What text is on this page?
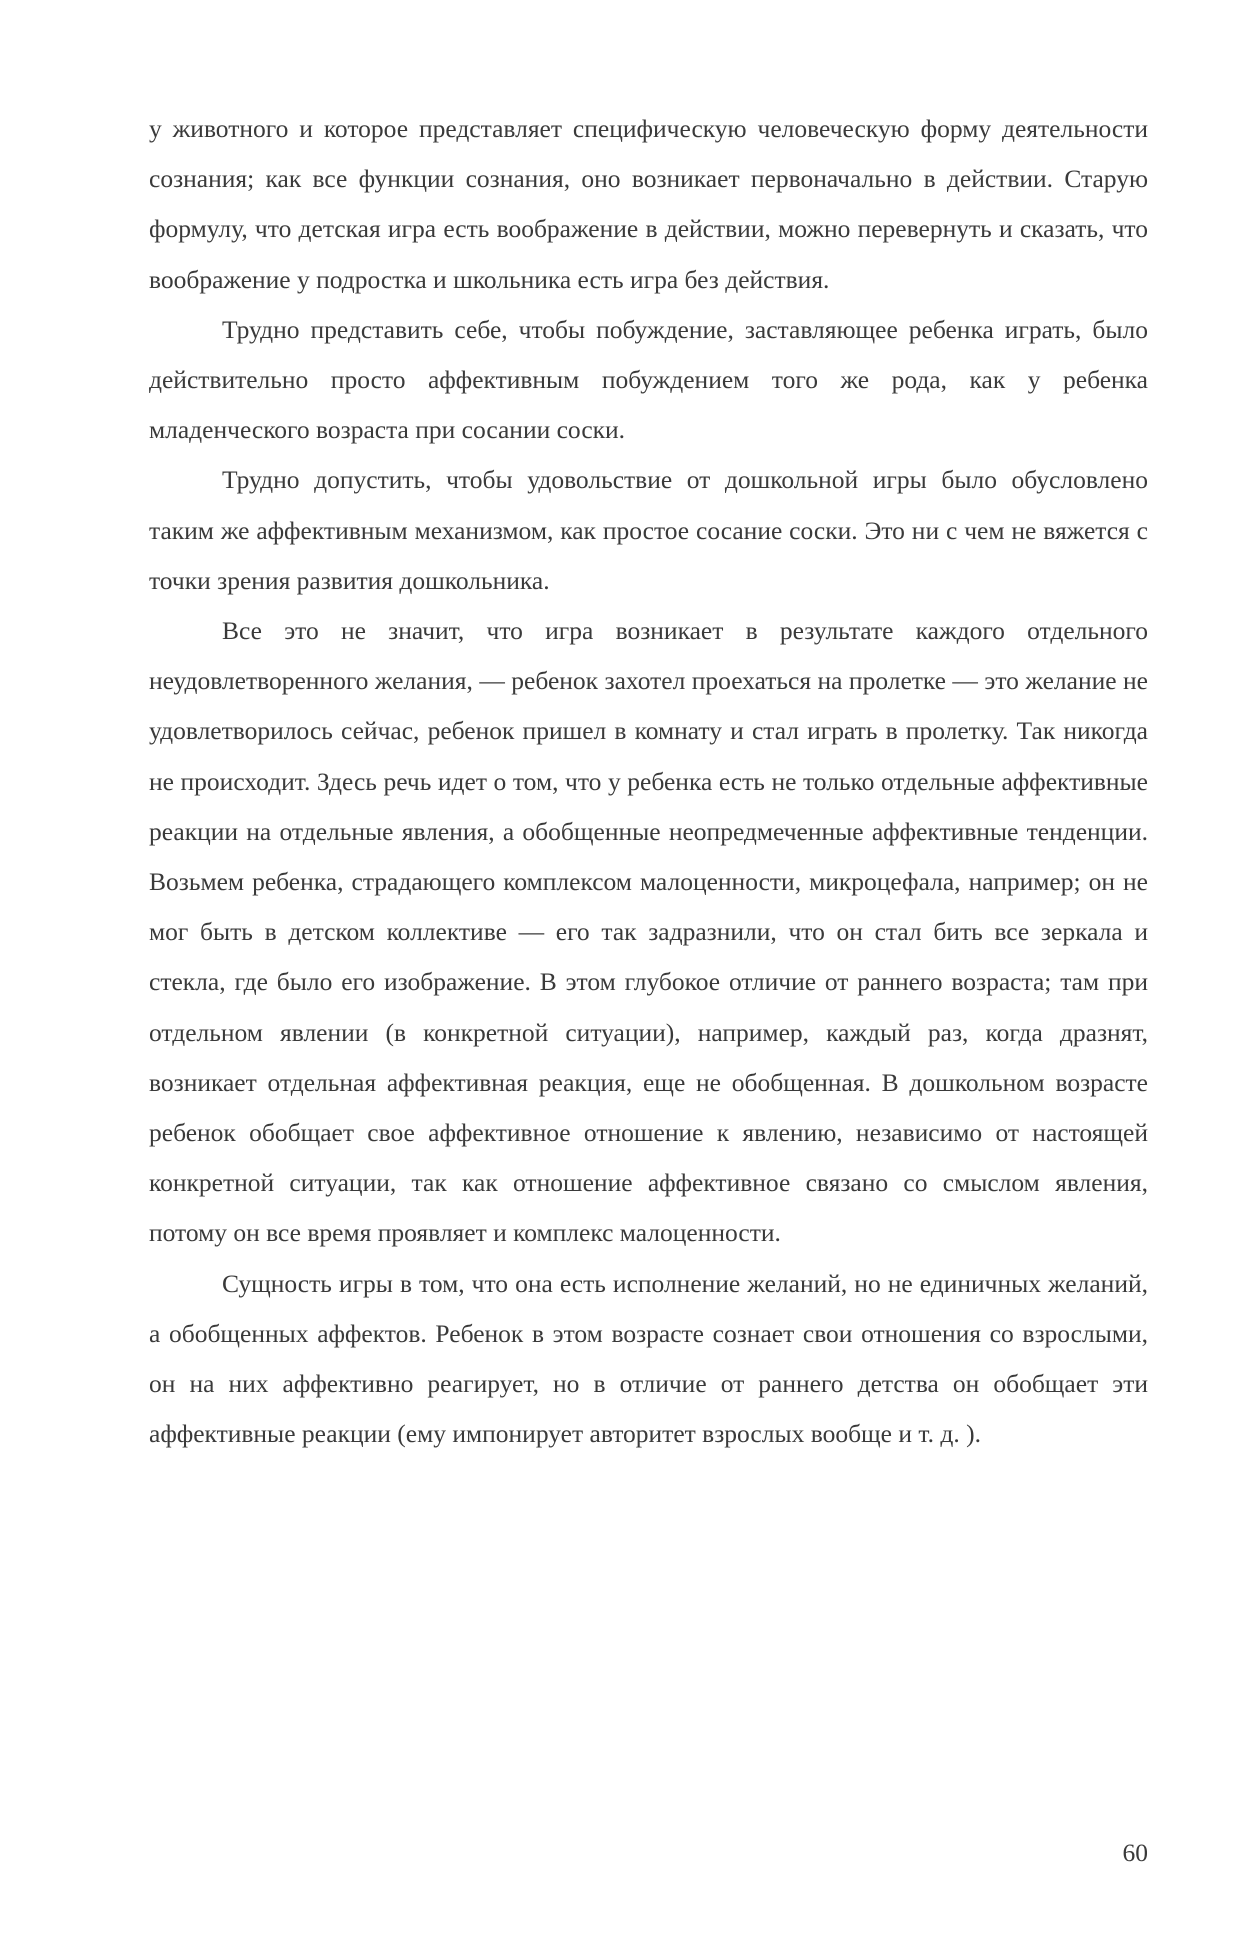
у животного и которое представляет специфическую человеческую форму деятельности сознания; как все функции сознания, оно возникает первоначально в действии. Старую формулу, что детская игра есть воображение в действии, можно перевернуть и сказать, что воображение у подростка и школьника есть игра без действия.

Трудно представить себе, чтобы побуждение, заставляющее ребенка играть, было действительно просто аффективным побуждением того же рода, как у ребенка младенческого возраста при сосании соски.

Трудно допустить, чтобы удовольствие от дошкольной игры было обусловлено таким же аффективным механизмом, как простое сосание соски. Это ни с чем не вяжется с точки зрения развития дошкольника.

Все это не значит, что игра возникает в результате каждого отдельного неудовлетворенного желания, — ребенок захотел проехаться на пролетке — это желание не удовлетворилось сейчас, ребенок пришел в комнату и стал играть в пролетку. Так никогда не происходит. Здесь речь идет о том, что у ребенка есть не только отдельные аффективные реакции на отдельные явления, а обобщенные неопредмеченные аффективные тенденции. Возьмем ребенка, страдающего комплексом малоценности, микроцефала, например; он не мог быть в детском коллективе — его так задразнили, что он стал бить все зеркала и стекла, где было его изображение. В этом глубокое отличие от раннего возраста; там при отдельном явлении (в конкретной ситуации), например, каждый раз, когда дразнят, возникает отдельная аффективная реакция, еще не обобщенная. В дошкольном возрасте ребенок обобщает свое аффективное отношение к явлению, независимо от настоящей конкретной ситуации, так как отношение аффективное связано со смыслом явления, потому он все время проявляет и комплекс малоценности.

Сущность игры в том, что она есть исполнение желаний, но не единичных желаний, а обобщенных аффектов. Ребенок в этом возрасте сознает свои отношения со взрослыми, он на них аффективно реагирует, но в отличие от раннего детства он обобщает эти аффективные реакции (ему импонирует авторитет взрослых вообще и т. д. ).

60
